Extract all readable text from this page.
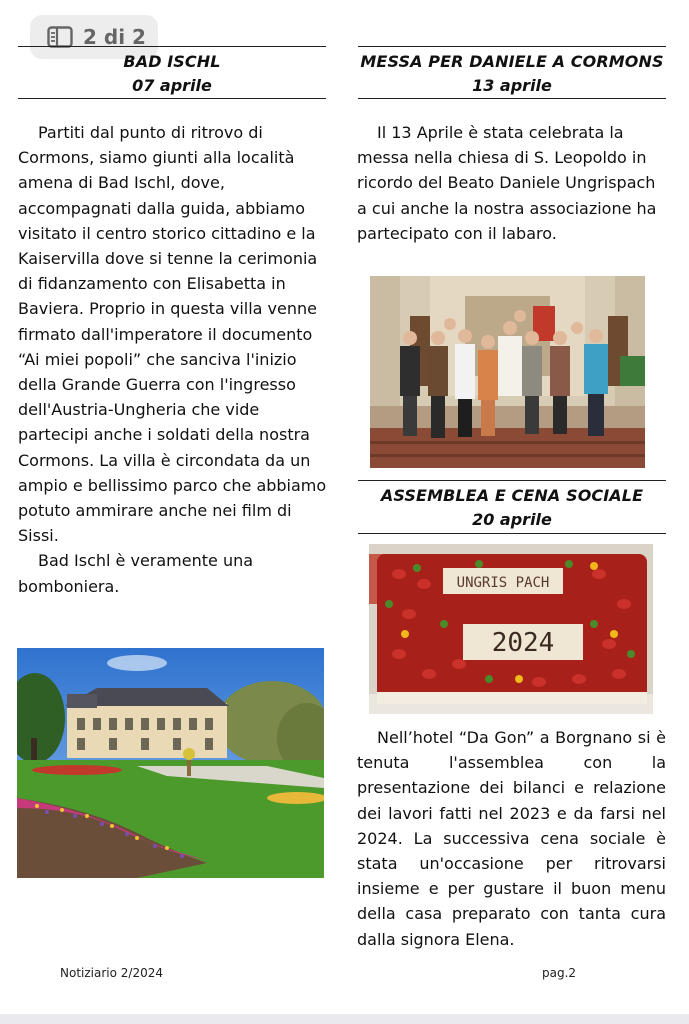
2 di 2
BAD ISCHL
07 aprile

Partiti dal punto di ritrovo di Cormons, siamo giunti alla località amena di Bad Ischl, dove, accompagnati dalla guida, abbiamo visitato il centro storico cittadino e la Kaiservilla dove si tenne la cerimonia di fidanzamento con Elisabetta in Baviera. Proprio in questa villa venne firmato dall'imperatore il documento “Ai miei popoli” che sanciva l'inizio della Grande Guerra con l'ingresso dell'Austria-Ungheria che vide partecipi anche i soldati della nostra Cormons. La villa è circondata da un ampio e bellissimo parco che abbiamo potuto ammirare anche nei film di Sissi.

Bad Ischl è veramente una bomboniera.

MESSA PER DANIELE A CORMONS
13 aprile

Il 13 Aprile è stata celebrata la messa nella chiesa di S. Leopoldo in ricordo del Beato Daniele Ungrispach a cui anche la nostra associazione ha partecipato con il labaro.

ASSEMBLEA E CENA SOCIALE
20 aprile
UNGRIS PACH
2024

Nell’hotel “Da Gon” a Borgnano si è tenuta l'assemblea con la presentazione dei bilanci e relazione dei lavori fatti nel 2023 e da farsi nel 2024. La successiva cena sociale è stata un'occasione per ritrovarsi insieme e per gustare il buon menu della casa preparato con tanta cura dalla signora Elena.

Notiziario 2/2024	pag.2
